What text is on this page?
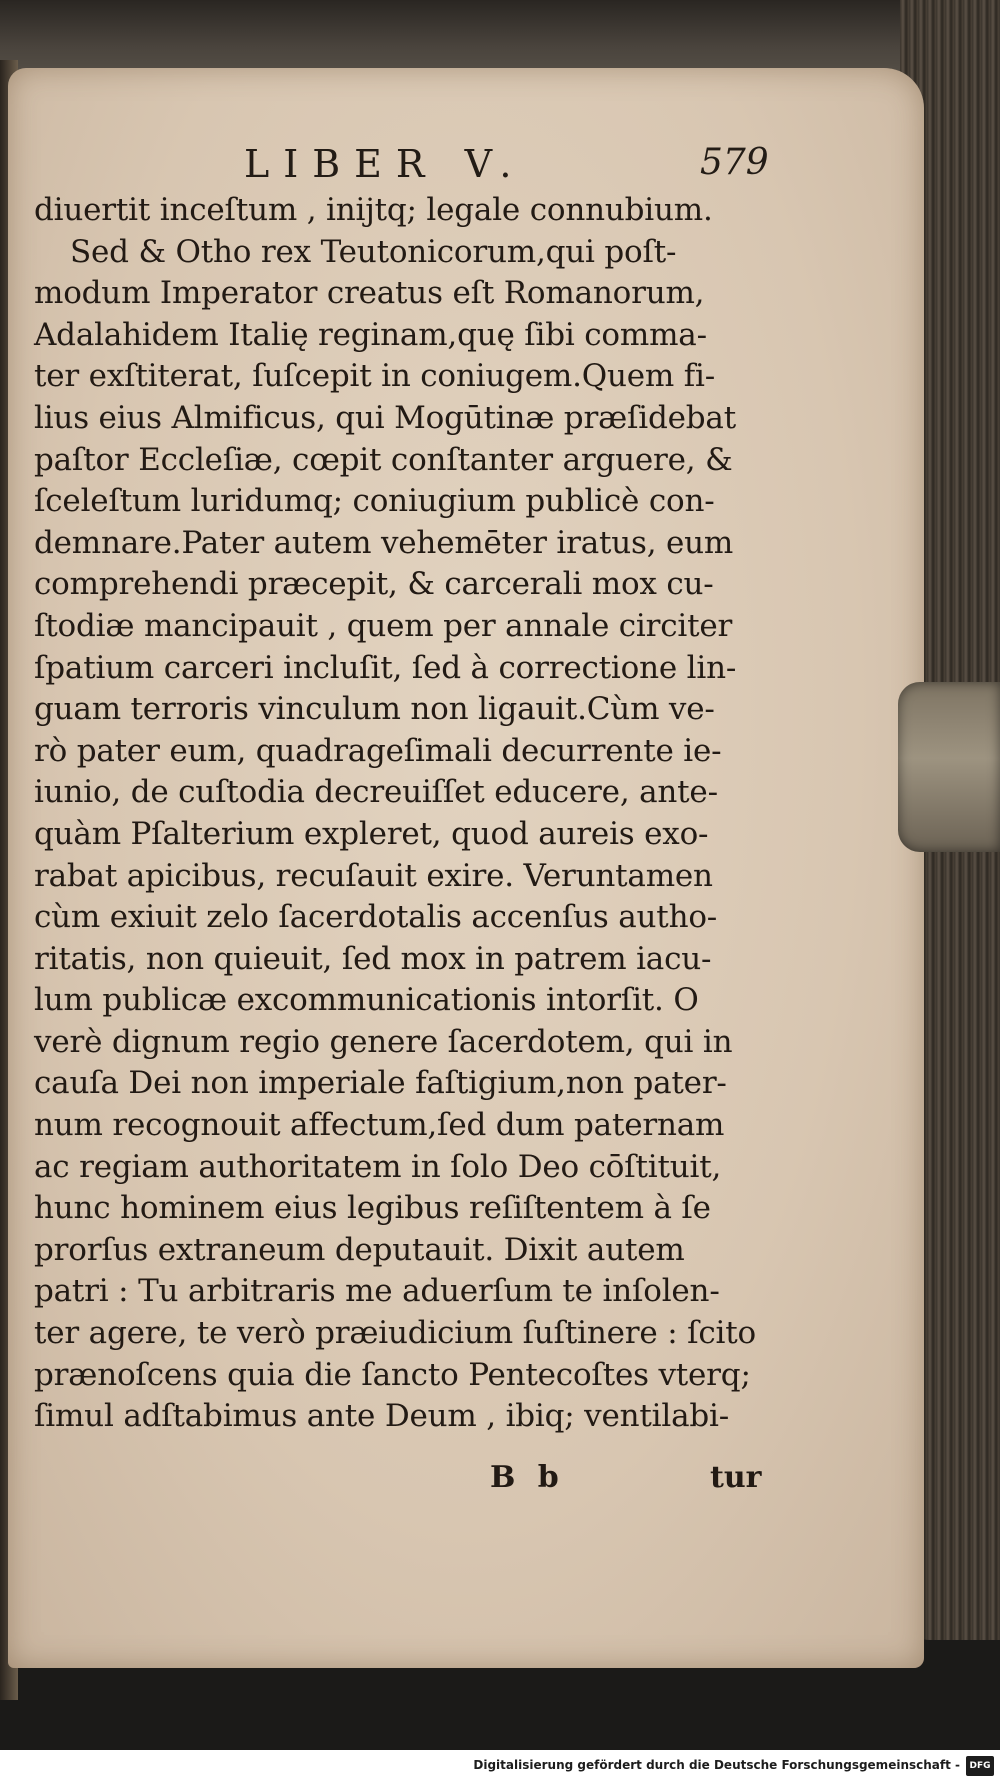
LIBER V.	579
diuertit inceſtum , inijtq; legale connubium.
Sed & Otho rex Teutonicorum,qui poſt-
modum Imperator creatus eſt Romanorum,
Adalahidem Italię reginam,quę ſibi comma-
ter exſtiterat, ſuſcepit in coniugem.Quem fi-
lius eius Almificus, qui Mogūtinæ præſidebat
paſtor Eccleſiæ, cœpit conſtanter arguere, &
ſceleſtum luridumq; coniugium publicè con-
demnare.Pater autem vehemēter iratus, eum
comprehendi præcepit, & carcerali mox cu-
ſtodiæ mancipauit , quem per annale circiter
ſpatium carceri incluſit, ſed à correctione lin-
guam terroris vinculum non ligauit.Cùm ve-
rò pater eum, quadrageſimali decurrente ie-
iunio, de cuſtodia decreuiſſet educere, ante-
quàm Pſalterium expleret, quod aureis exo-
rabat apicibus, recuſauit exire. Veruntamen
cùm exiuit zelo ſacerdotalis accenſus autho-
ritatis, non quieuit, ſed mox in patrem iacu-
lum publicæ excommunicationis intorſit. O
verè dignum regio genere ſacerdotem, qui in
cauſa Dei non imperiale faſtigium,non pater-
num recognouit affectum,ſed dum paternam
ac regiam authoritatem in ſolo Deo cōſtituit,
hunc hominem eius legibus reſiſtentem à ſe
prorſus extraneum deputauit. Dixit autem
patri : Tu arbitraris me aduerſum te inſolen-
ter agere, te verò præiudicium ſuſtinere : ſcito
prænoſcens quia die ſancto Pentecoſtes vterq;
ſimul adſtabimus ante Deum , ibiq; ventilabi-
B b	tur
Digitalisierung gefördert durch die Deutsche Forschungsgemeinschaft -	DFG
